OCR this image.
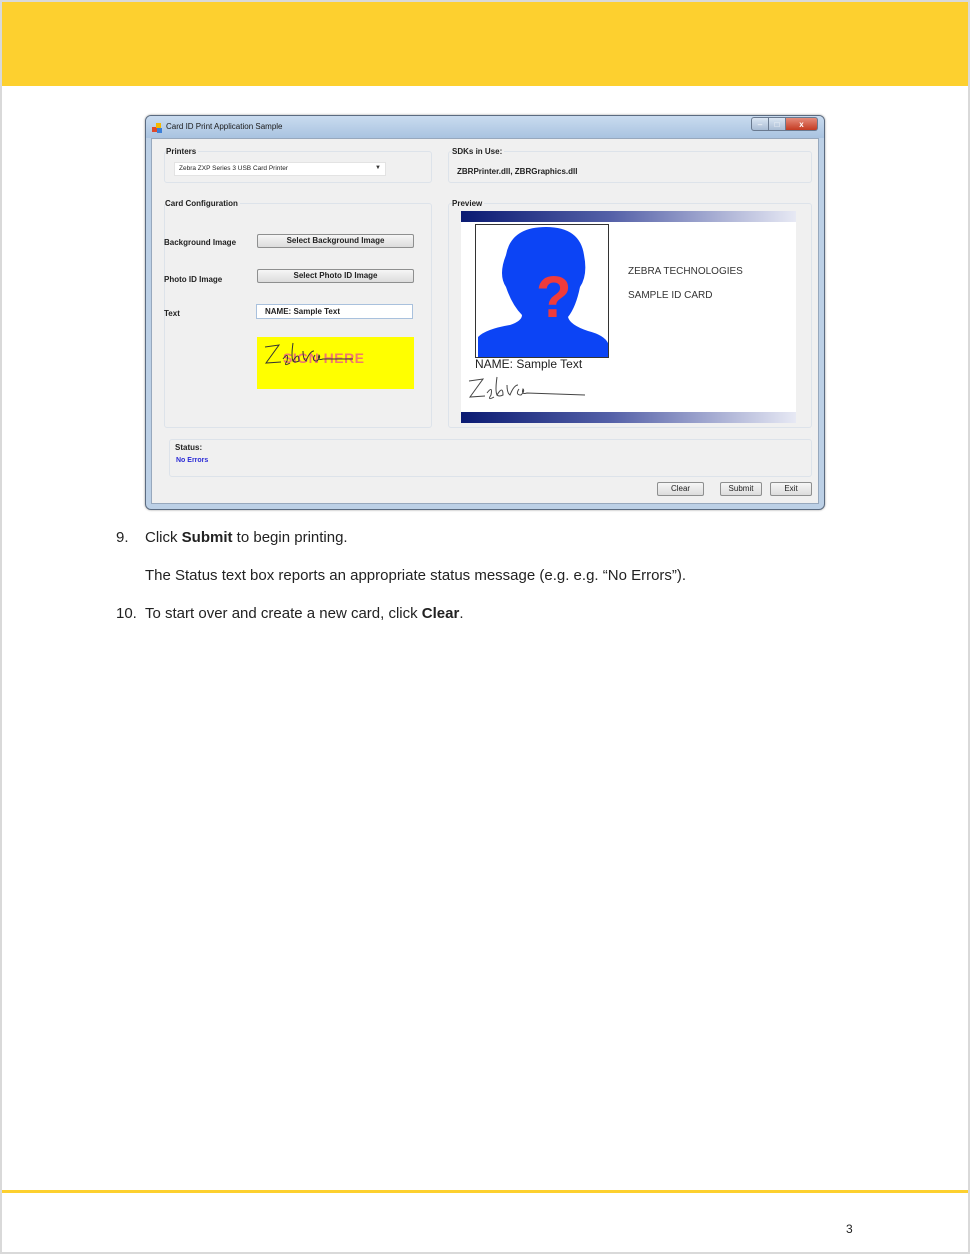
Card ID Print Application Sample	– □ x
Printers
Zebra ZXP Series 3 USB Card Printer	▼
SDKs in Use:
ZBRPrinter.dll, ZBRGraphics.dll
Card Configuration
Background Image	Select Background Image
Photo ID Image	Select Photo ID Image
Text	NAME: Sample Text
SIGN HERE
Preview
?
NAME: Sample Text
ZEBRA TECHNOLOGIES
SAMPLE ID CARD
Status:
No Errors
Clear	Submit	Exit
9. Click Submit to begin printing.
The Status text box reports an appropriate status message (e.g. e.g. “No Errors”).
10. To start over and create a new card, click Clear.
3
